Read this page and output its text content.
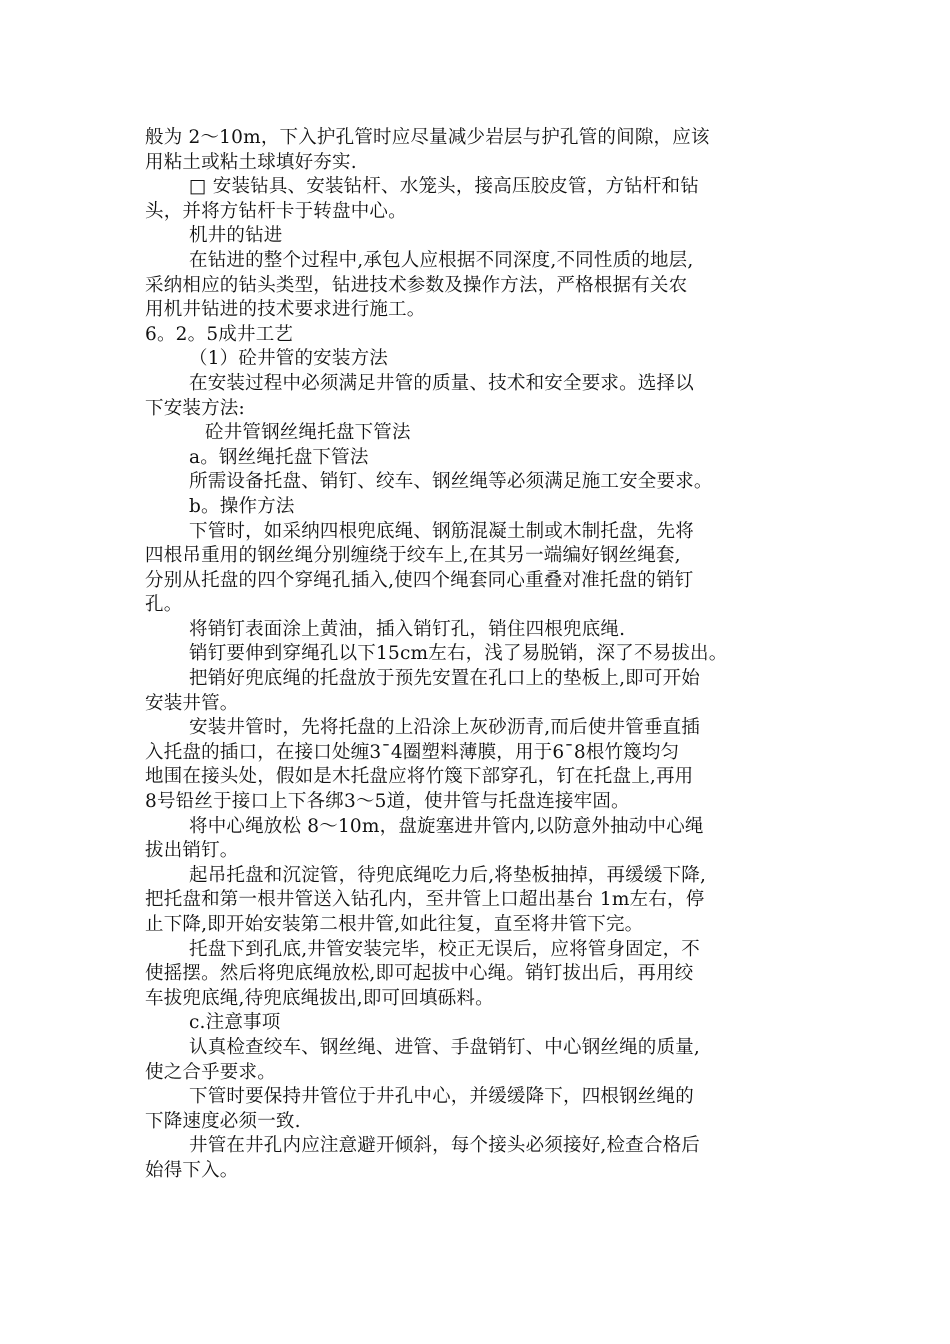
般为 2～10m，下入护孔管时应尽量减少岩层与护孔管的间隙，应该
用粘土或粘土球填好夯实.
□ 安装钻具、安装钻杆、水笼头，接高压胶皮管，方钻杆和钻
头，并将方钻杆卡于转盘中心。
机井的钻进
在钻进的整个过程中,承包人应根据不同深度,不同性质的地层,
采纳相应的钻头类型，钻进技术参数及操作方法，严格根据有关农
用机井钻进的技术要求进行施工。
6。2。5成井工艺
（1）砼井管的安装方法
在安装过程中必须满足井管的质量、技术和安全要求。选择以
下安装方法:
砼井管钢丝绳托盘下管法
a。钢丝绳托盘下管法
所需设备托盘、销钉、绞车、钢丝绳等必须满足施工安全要求。
b。操作方法
下管时，如采纳四根兜底绳、钢筋混凝土制或木制托盘，先将
四根吊重用的钢丝绳分别缠绕于绞车上,在其另一端编好钢丝绳套,
分别从托盘的四个穿绳孔插入,使四个绳套同心重叠对准托盘的销钉
孔。
将销钉表面涂上黄油，插入销钉孔，销住四根兜底绳.
销钉要伸到穿绳孔以下15cm左右，浅了易脱销，深了不易拔出。
把销好兜底绳的托盘放于预先安置在孔口上的垫板上,即可开始
安装井管。
安装井管时，先将托盘的上沿涂上灰砂沥青,而后使井管垂直插
入托盘的插口，在接口处缠3ˉ4圈塑料薄膜，用于6ˉ8根竹篾均匀
地围在接头处，假如是木托盘应将竹篾下部穿孔，钉在托盘上,再用
8号铅丝于接口上下各绑3～5道，使井管与托盘连接牢固。
将中心绳放松 8～10m，盘旋塞进井管内,以防意外抽动中心绳
拔出销钉。
起吊托盘和沉淀管，待兜底绳吃力后,将垫板抽掉，再缓缓下降,
把托盘和第一根井管送入钻孔内，至井管上口超出基台 1m左右，停
止下降,即开始安装第二根井管,如此往复，直至将井管下完。
托盘下到孔底,井管安装完毕，校正无误后，应将管身固定，不
使摇摆。然后将兜底绳放松,即可起拔中心绳。销钉拔出后，再用绞
车拔兜底绳,待兜底绳拔出,即可回填砾料。
c.注意事项
认真检查绞车、钢丝绳、进管、手盘销钉、中心钢丝绳的质量,
使之合乎要求。
下管时要保持井管位于井孔中心，并缓缓降下，四根钢丝绳的
下降速度必须一致.
井管在井孔内应注意避开倾斜，每个接头必须接好,检查合格后
始得下入。
